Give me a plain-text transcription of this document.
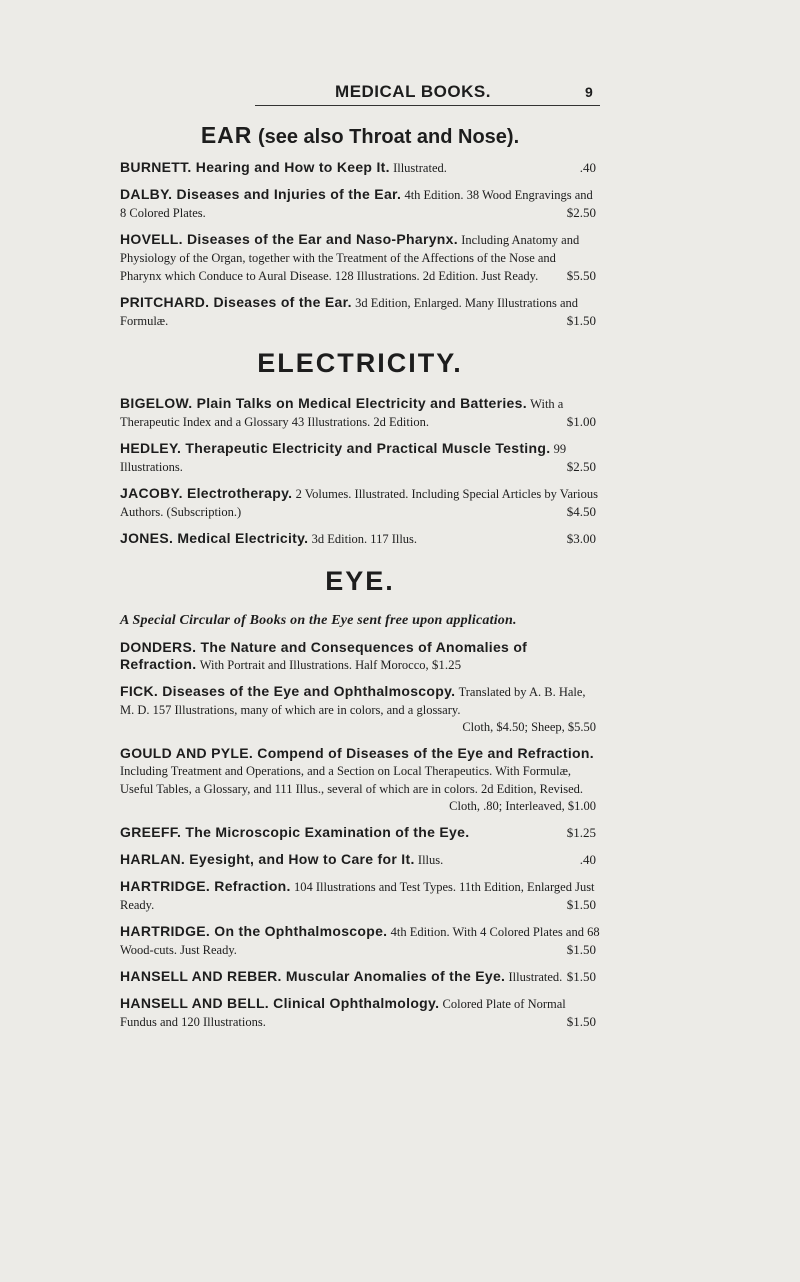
MEDICAL BOOKS.	9
EAR (see also Throat and Nose).
BURNETT. Hearing and How to Keep It. Illustrated.	.40
DALBY. Diseases and Injuries of the Ear. 4th Edition. 38 Wood Engravings and 8 Colored Plates.	$2.50
HOVELL. Diseases of the Ear and Naso-Pharynx. Including Anatomy and Physiology of the Organ, together with the Treatment of the Affections of the Nose and Pharynx which Conduce to Aural Disease. 128 Illustrations. 2d Edition. Just Ready. $5.50
PRITCHARD. Diseases of the Ear. 3d Edition, Enlarged. Many Illustrations and Formulæ.	$1.50
ELECTRICITY.
BIGELOW. Plain Talks on Medical Electricity and Batteries. With a Therapeutic Index and a Glossary 43 Illustrations. 2d Edition.	$1.00
HEDLEY. Therapeutic Electricity and Practical Muscle Testing. 99 Illustrations.	$2.50
JACOBY. Electrotherapy. 2 Volumes. Illustrated. Including Special Articles by Various Authors. (Subscription.)	$4.50
JONES. Medical Electricity. 3d Edition. 117 Illus.	$3.00
EYE.
A Special Circular of Books on the Eye sent free upon application.
DONDERS. The Nature and Consequences of Anomalies of Refraction. With Portrait and Illustrations. Half Morocco, $1.25
FICK. Diseases of the Eye and Ophthalmoscopy. Translated by A. B. Hale, M. D. 157 Illustrations, many of which are in colors, and a glossary.
Cloth, $4.50; Sheep, $5.50
GOULD AND PYLE. Compend of Diseases of the Eye and Refraction. Including Treatment and Operations, and a Section on Local Therapeutics. With Formulæ, Useful Tables, a Glossary, and 111 Illus., several of which are in colors. 2d Edition, Revised.
Cloth, .80; Interleaved, $1.00
GREEFF. The Microscopic Examination of the Eye.	$1.25
HARLAN. Eyesight, and How to Care for It. Illus.	.40
HARTRIDGE. Refraction. 104 Illustrations and Test Types. 11th Edition, Enlarged Just Ready.	$1.50
HARTRIDGE. On the Ophthalmoscope. 4th Edition. With 4 Colored Plates and 68 Wood-cuts. Just Ready.	$1.50
HANSELL AND REBER. Muscular Anomalies of the Eye. Illustrated. $1.50
HANSELL AND BELL. Clinical Ophthalmology. Colored Plate of Normal Fundus and 120 Illustrations.	$1.50
